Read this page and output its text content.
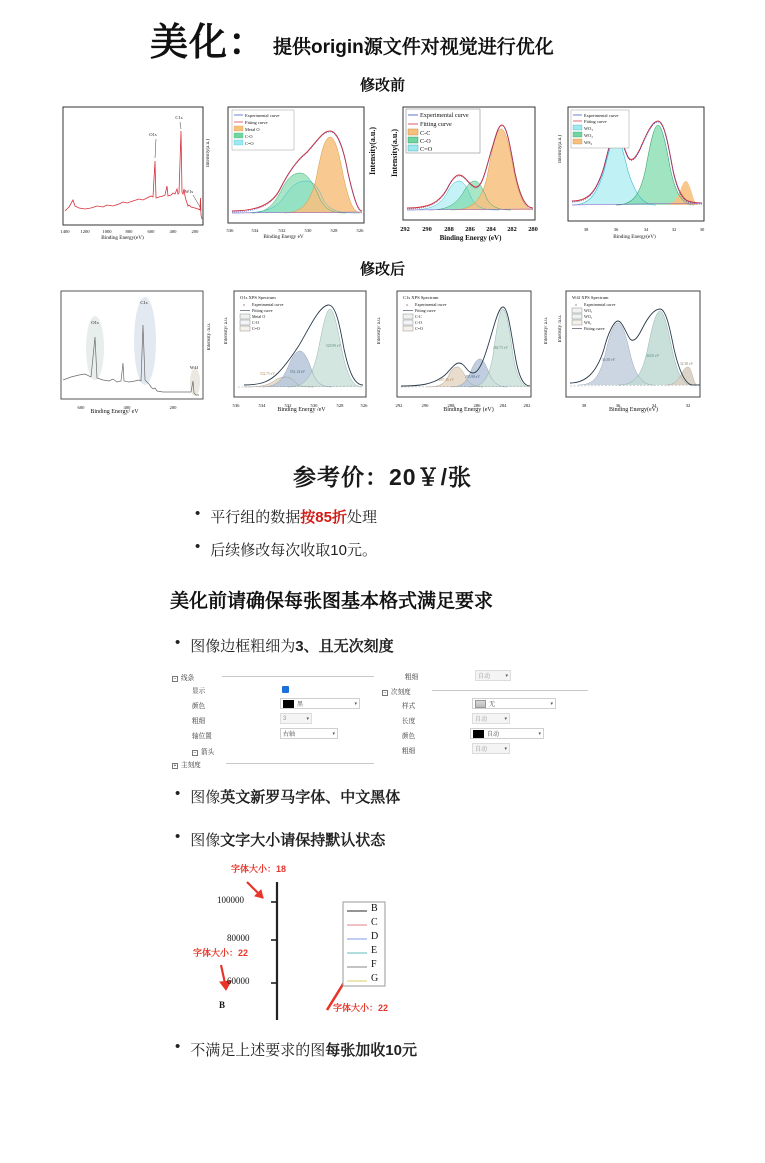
美化： 提供origin源文件对视觉进行优化
修改前
O1s
C1s
W1s
1400 1200	1000	800	600	400	200
Binding Energy(eV)
Intensity(a.u.)
Experimental curve
Fitting curve
Metal O
C-O
C=O
536	534	532	530	528	526
Binding Energy eV
Intensity(a.u.)
Experimental curve
Fitting curve
C-C
C-O
C=O
292 290 288 286 284 282 280
Binding Energy (eV)
Intensity(a.u.)
Experimental curve
Fitting curve
WO₃
WO₂
WS₂
38	36	34	32	30
Binding Energy(eV)
Intensity(a.u.)
修改后
O1s
C1s
W4f
600	400	200
Binding Energy/ eV
Intensity /a.u.
O1s XPS Spectrum
Experimental curve
Fitting curve
Metal O
C-O
C=O
532.75 eV	531.14 eV
529.99 eV
536	534	532	530	528	526
Binding Energy /eV
Intensity/ a.u.	Intensity/ a.u.
C1s XPS Spectrum
Experimental curve
Fitting curve
C-C
C-O
C=O
287.46 eV
285.98 eV
284.75 eV
292	290	288	286	284	282
Binding Energy (eV)
Intensity/ a.u.
W4f XPS Spectrum
Experimental curve
WO₃
WO₂
WS₂
Fitting curve
36.38 eV
34.05 eV
32.38 eV
38	36	34	32
Binding Energy(eV)
Intensity /a.u.
参考价：20￥/张
• 平行组的数据按85折处理
• 后续修改每次收取10元。
美化前请确保每张图基本格式满足要求
• 图像边框粗细为3、且无次刻度
− 线条
显示
颜色	黑	▾
粗细	3	▾
轴位置	右轴	▾
− 箭头
+ 主刻度
粗细	自动	▾
− 次刻度
样式	无	▾
长度	自动	▾
颜色	自动	▾
粗细	自动	▾
• 图像英文新罗马字体、中文黑体
• 图像文字大小请保持默认状态
字体大小：18
字体大小：22
字体大小：22
100000
80000
60000
B
B
C
D
E
F
G
• 不满足上述要求的图每张加收10元
